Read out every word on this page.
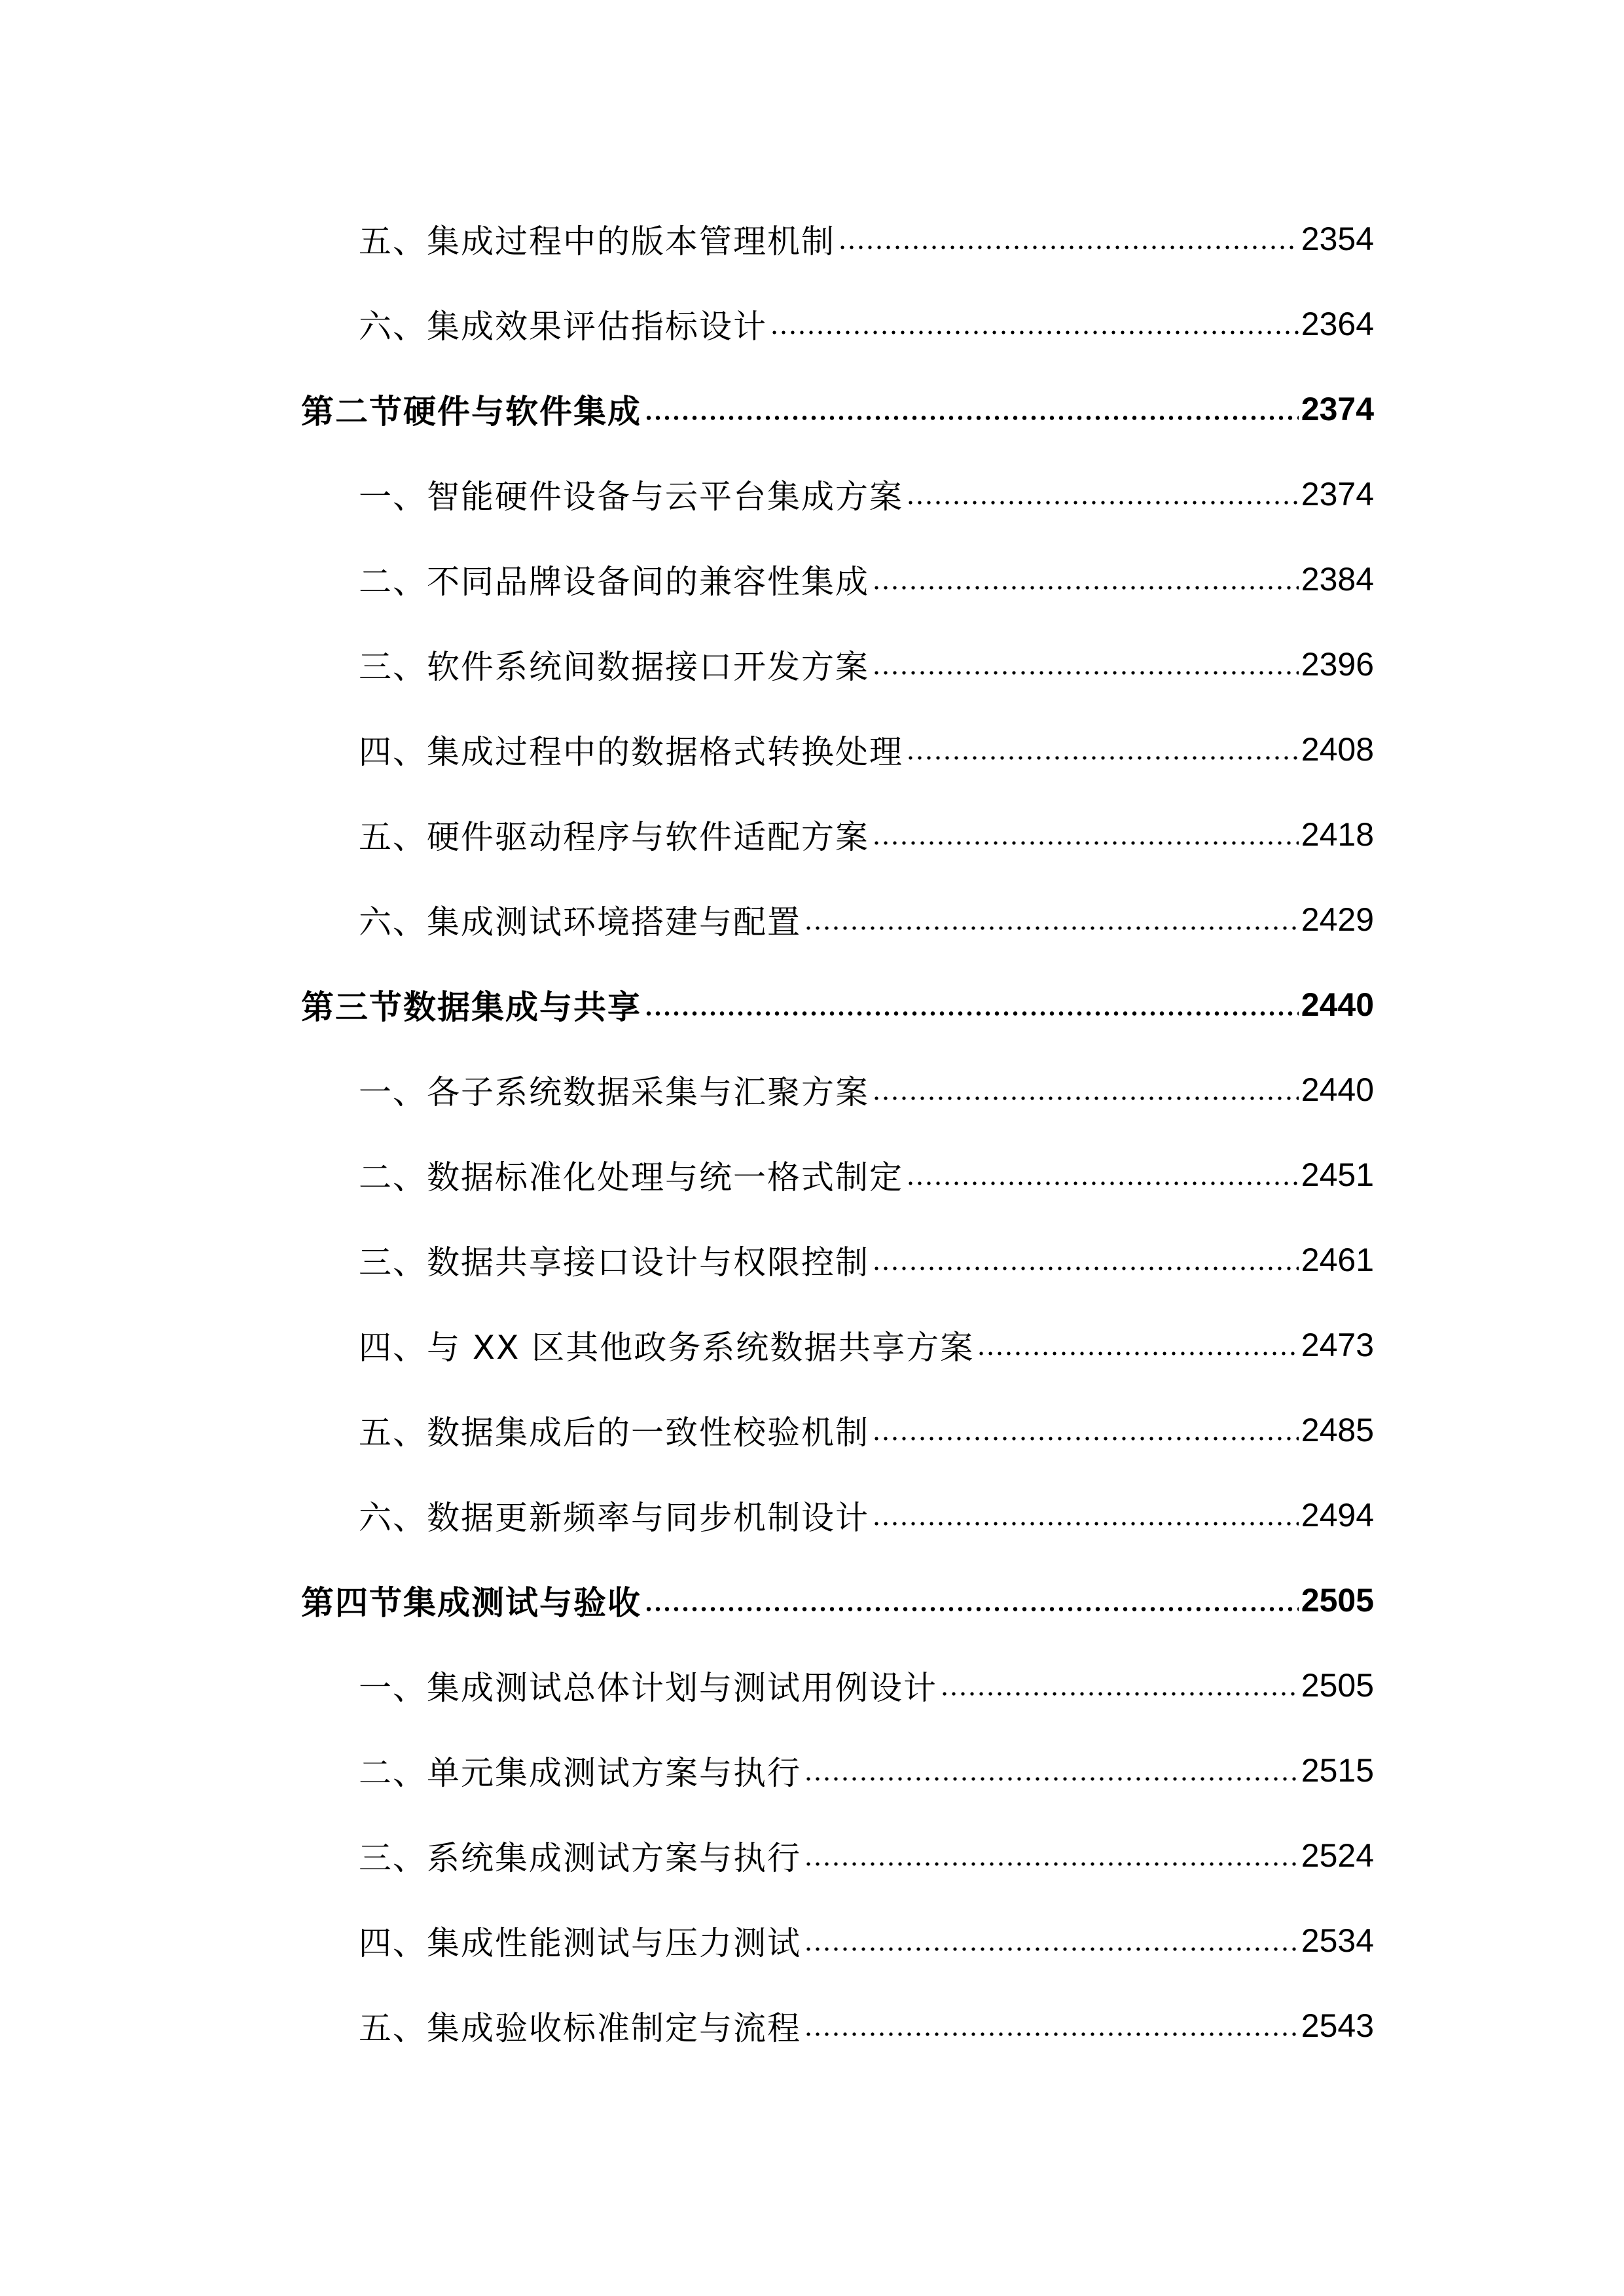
五、集成过程中的版本管理机制	2354
六、集成效果评估指标设计	2364
第二节硬件与软件集成	2374
一、智能硬件设备与云平台集成方案	2374
二、不同品牌设备间的兼容性集成	2384
三、软件系统间数据接口开发方案	2396
四、集成过程中的数据格式转换处理	2408
五、硬件驱动程序与软件适配方案	2418
六、集成测试环境搭建与配置	2429
第三节数据集成与共享	2440
一、各子系统数据采集与汇聚方案	2440
二、数据标准化处理与统一格式制定	2451
三、数据共享接口设计与权限控制	2461
四、与 XX 区其他政务系统数据共享方案	2473
五、数据集成后的一致性校验机制	2485
六、数据更新频率与同步机制设计	2494
第四节集成测试与验收	2505
一、集成测试总体计划与测试用例设计	2505
二、单元集成测试方案与执行	2515
三、系统集成测试方案与执行	2524
四、集成性能测试与压力测试	2534
五、集成验收标准制定与流程	2543
